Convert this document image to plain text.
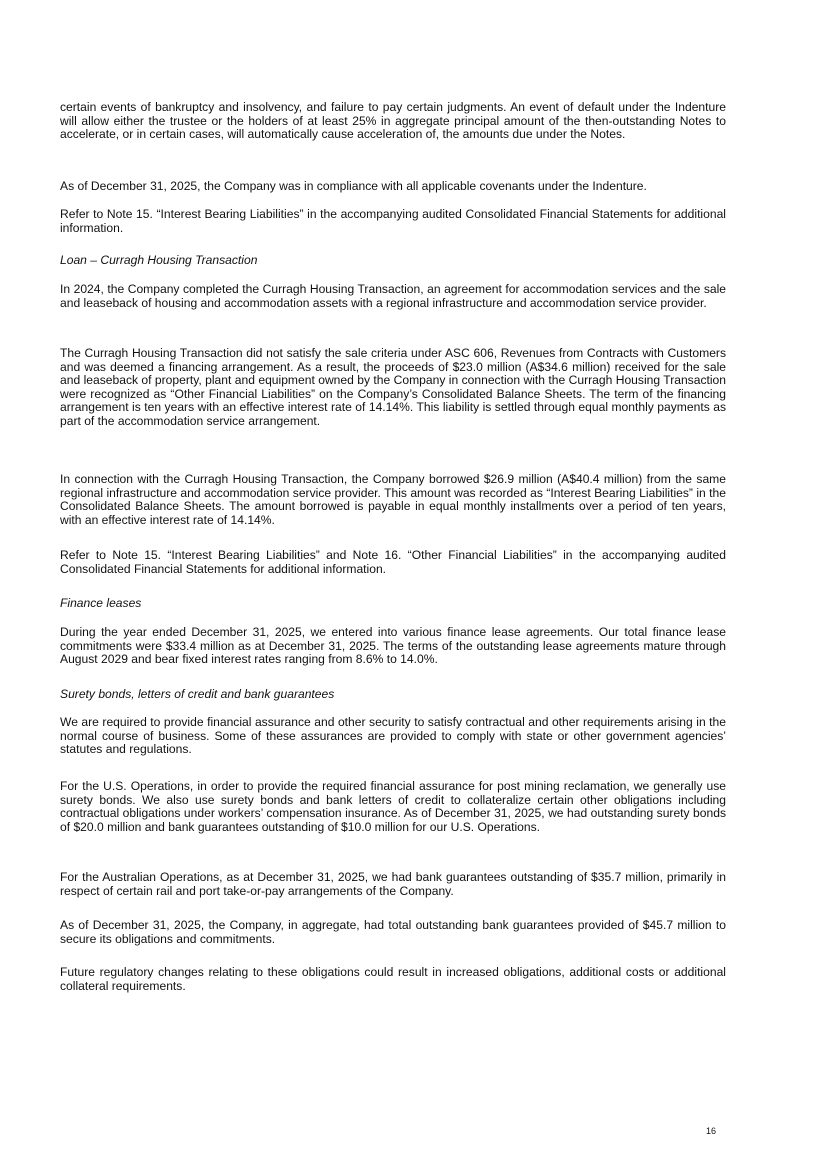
certain events of bankruptcy and insolvency, and failure to pay certain judgments. An event of default under the Indenture will allow either the trustee or the holders of at least 25% in aggregate principal amount of the then-outstanding Notes to accelerate, or in certain cases, will automatically cause acceleration of, the amounts due under the Notes.

As of December 31, 2025, the Company was in compliance with all applicable covenants under the Indenture.

Refer to Note 15. “Interest Bearing Liabilities” in the accompanying audited Consolidated Financial Statements for additional information.

Loan – Curragh Housing Transaction

In 2024, the Company completed the Curragh Housing Transaction, an agreement for accommodation services and the sale and leaseback of housing and accommodation assets with a regional infrastructure and accommodation service provider.

The Curragh Housing Transaction did not satisfy the sale criteria under ASC 606, Revenues from Contracts with Customers and was deemed a financing arrangement. As a result, the proceeds of $23.0 million (A$34.6 million) received for the sale and leaseback of property, plant and equipment owned by the Company in connection with the Curragh Housing Transaction were recognized as “Other Financial Liabilities” on the Company’s Consolidated Balance Sheets. The term of the financing arrangement is ten years with an effective interest rate of 14.14%. This liability is settled through equal monthly payments as part of the accommodation service arrangement.

In connection with the Curragh Housing Transaction, the Company borrowed $26.9 million (A$40.4 million) from the same regional infrastructure and accommodation service provider. This amount was recorded as “Interest Bearing Liabilities” in the Consolidated Balance Sheets. The amount borrowed is payable in equal monthly installments over a period of ten years, with an effective interest rate of 14.14%.

Refer to Note 15. “Interest Bearing Liabilities” and Note 16. “Other Financial Liabilities” in the accompanying audited Consolidated Financial Statements for additional information.

Finance leases

During the year ended December 31, 2025, we entered into various finance lease agreements. Our total finance lease commitments were $33.4 million as at December 31, 2025. The terms of the outstanding lease agreements mature through August 2029 and bear fixed interest rates ranging from 8.6% to 14.0%.

Surety bonds, letters of credit and bank guarantees

We are required to provide financial assurance and other security to satisfy contractual and other requirements arising in the normal course of business. Some of these assurances are provided to comply with state or other government agencies’ statutes and regulations.

For the U.S. Operations, in order to provide the required financial assurance for post mining reclamation, we generally use surety bonds. We also use surety bonds and bank letters of credit to collateralize certain other obligations including contractual obligations under workers’ compensation insurance. As of December 31, 2025, we had outstanding surety bonds of $20.0 million and bank guarantees outstanding of $10.0 million for our U.S. Operations.

For the Australian Operations, as at December 31, 2025, we had bank guarantees outstanding of $35.7 million, primarily in respect of certain rail and port take-or-pay arrangements of the Company.

As of December 31, 2025, the Company, in aggregate, had total outstanding bank guarantees provided of $45.7 million to secure its obligations and commitments.

Future regulatory changes relating to these obligations could result in increased obligations, additional costs or additional collateral requirements.

16
